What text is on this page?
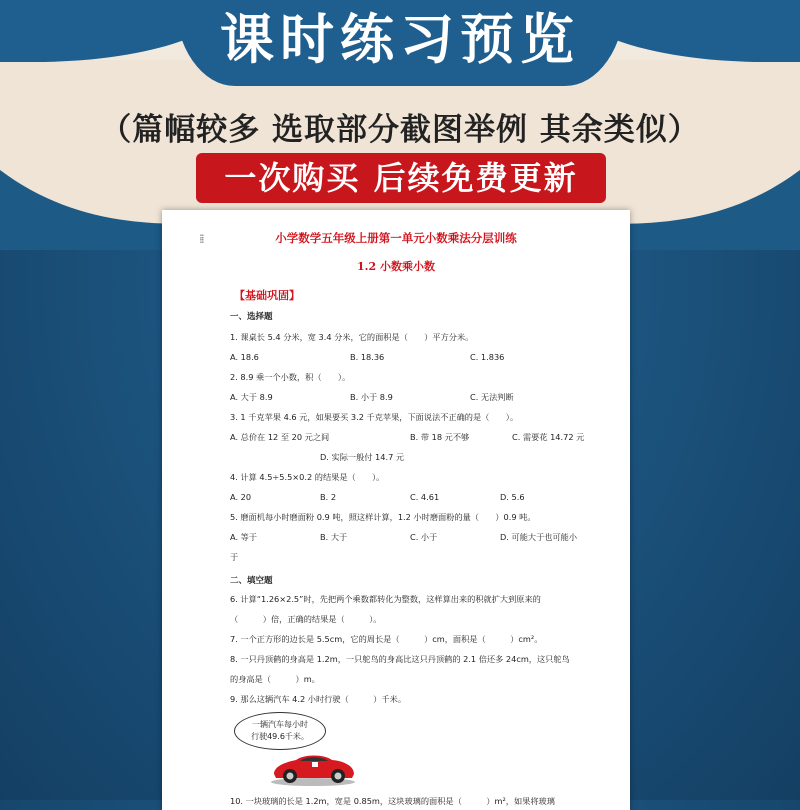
课时练习预览
（篇幅较多 选取部分截图举例 其余类似）
一次购买 后续免费更新
⁞⁞	小学数学五年级上册第一单元小数乘法分层训练
1.2 小数乘小数
【基础巩固】
一、选择题
1. 课桌长 5.4 分米，宽 3.4 分米，它的面积是（　　）平方分米。
A. 18.6	B. 18.36	C. 1.836
2. 8.9 乘一个小数，积（　　）。
A. 大于 8.9	B. 小于 8.9	C. 无法判断
3. 1 千克苹果 4.6 元，如果要买 3.2 千克苹果，下面说法不正确的是（　　）。
A. 总价在 12 至 20 元之间	B. 带 18 元不够	C. 需要花 14.72 元
D. 实际一般付 14.7 元
4. 计算 4.5÷5.5×0.2 的结果是（　　）。
A. 20	B. 2	C. 4.61	D. 5.6
5. 磨面机每小时磨面粉 0.9 吨，照这样计算，1.2 小时磨面粉的量（　　）0.9 吨。
A. 等于	B. 大于	C. 小于	D. 可能大于也可能小
于
二、填空题
6. 计算“1.26×2.5”时，先把两个乘数都转化为整数，这样算出来的积就扩大到原来的
（　　　）倍，正确的结果是（　　　）。
7. 一个正方形的边长是 5.5cm，它的周长是（　　　）cm，面积是（　　　）cm²。
8. 一只丹顶鹤的身高是 1.2m，一只鸵鸟的身高比这只丹顶鹤的 2.1 倍还多 24cm，这只鸵鸟
的身高是（　　　）m。
9. 那么这辆汽车 4.2 小时行驶（　　　）千米。
一辆汽车每小时
行驶49.6千米。
10. 一块玻璃的长是 1.2m，宽是 0.85m，这块玻璃的面积是（　　　）m²，如果将玻璃
